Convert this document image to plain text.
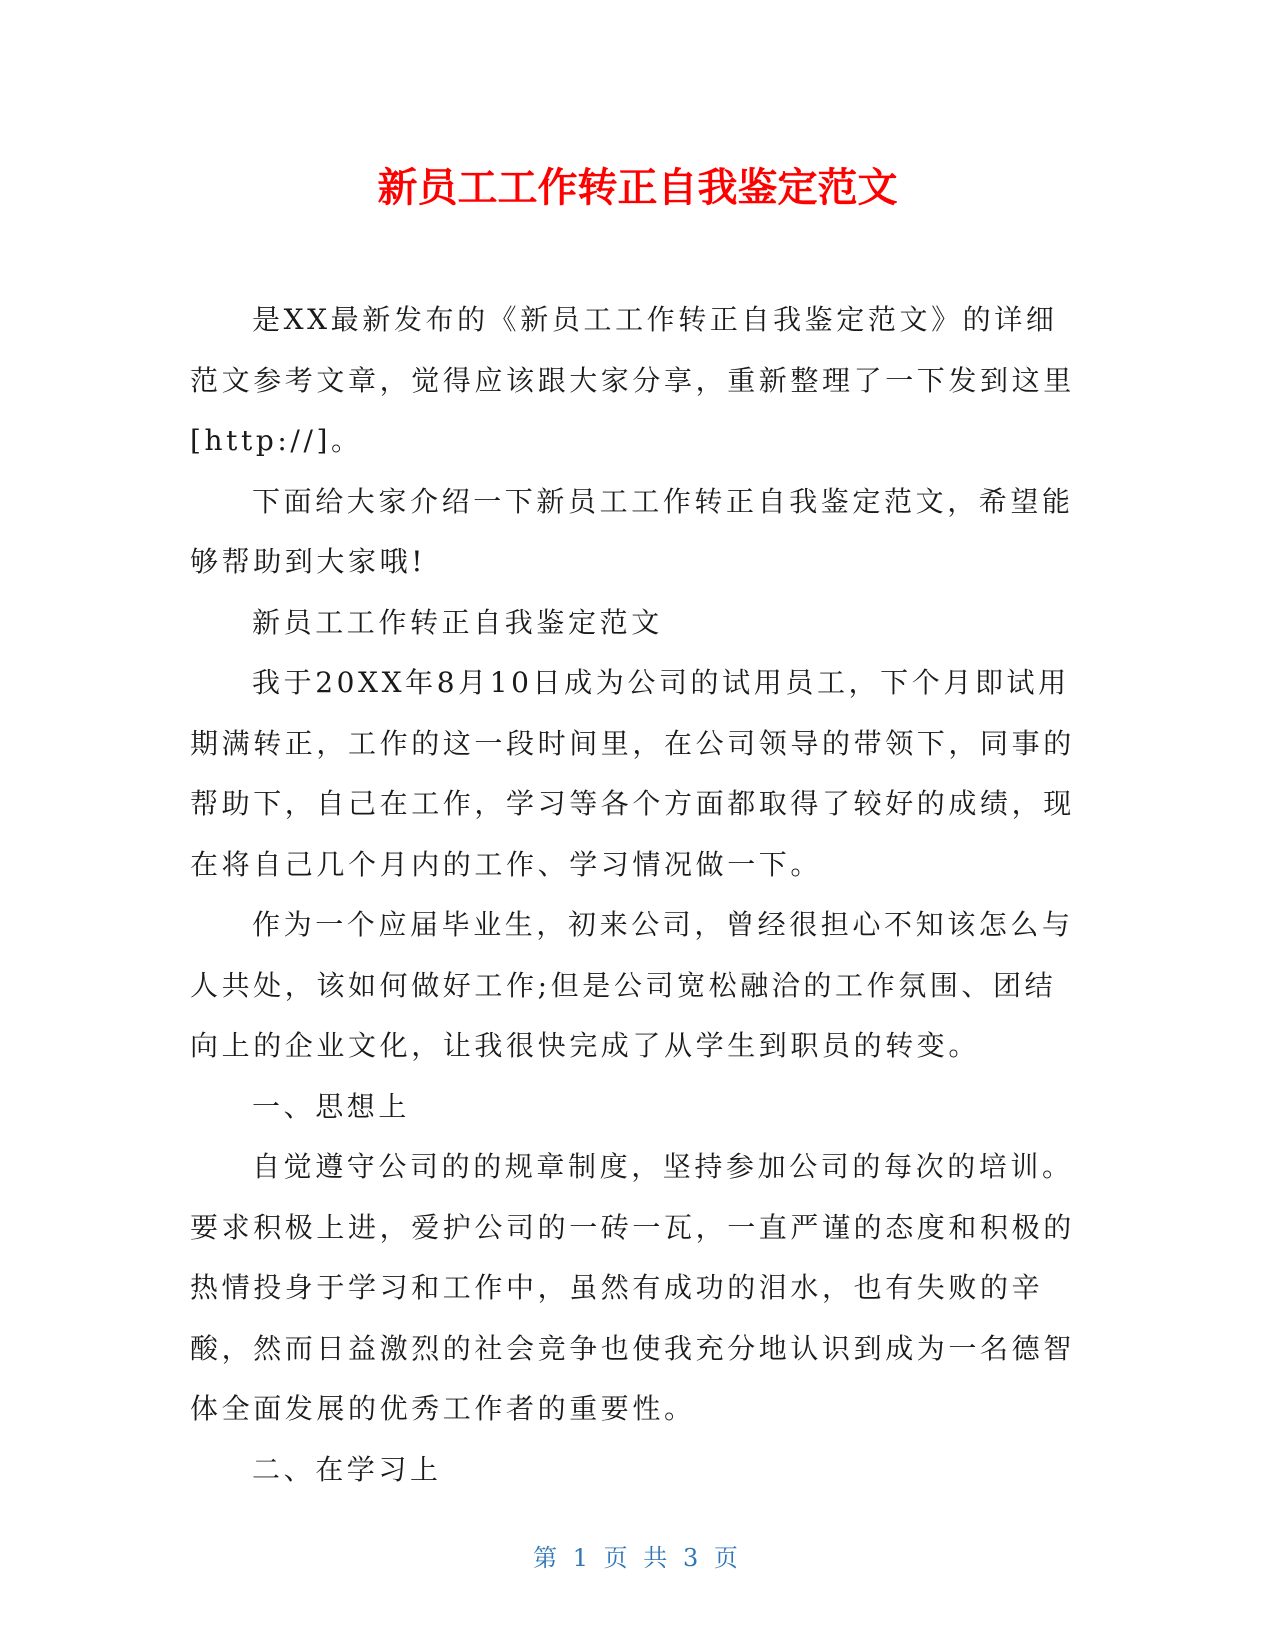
新员工工作转正自我鉴定范文

是XX最新发布的《新员工工作转正自我鉴定范文》的详细范文参考文章，觉得应该跟大家分享，重新整理了一下发到这里[http://]。

下面给大家介绍一下新员工工作转正自我鉴定范文，希望能够帮助到大家哦!

新员工工作转正自我鉴定范文

我于20XX年8月10日成为公司的试用员工，下个月即试用期满转正，工作的这一段时间里，在公司领导的带领下，同事的帮助下，自己在工作，学习等各个方面都取得了较好的成绩，现在将自己几个月内的工作、学习情况做一下。

作为一个应届毕业生，初来公司，曾经很担心不知该怎么与人共处，该如何做好工作;但是公司宽松融洽的工作氛围、团结向上的企业文化，让我很快完成了从学生到职员的转变。

一、思想上

自觉遵守公司的的规章制度，坚持参加公司的每次的培训。要求积极上进，爱护公司的一砖一瓦，一直严谨的态度和积极的热情投身于学习和工作中，虽然有成功的泪水，也有失败的辛酸，然而日益激烈的社会竞争也使我充分地认识到成为一名德智体全面发展的优秀工作者的重要性。

二、在学习上

第 1 页 共 3 页
